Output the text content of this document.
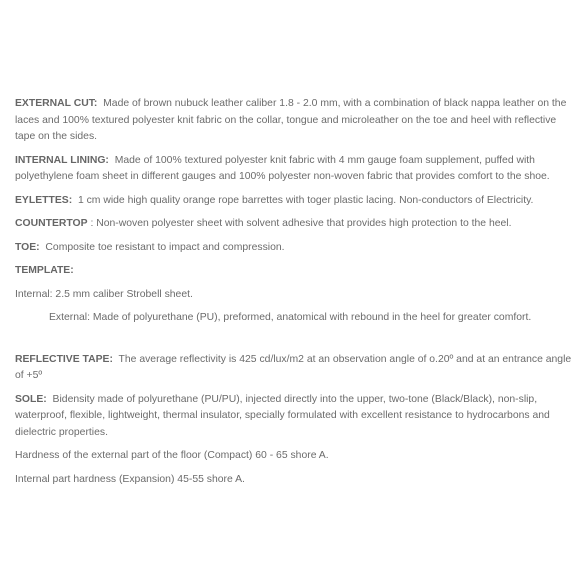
EXTERNAL CUT: Made of brown nubuck leather caliber 1.8 - 2.0 mm, with a combination of black nappa leather on the laces and 100% textured polyester knit fabric on the collar, tongue and microleather on the toe and heel with reflective tape on the sides.

INTERNAL LINING: Made of 100% textured polyester knit fabric with 4 mm gauge foam supplement, puffed with polyethylene foam sheet in different gauges and 100% polyester non-woven fabric that provides comfort to the shoe.

EYLETTES: 1 cm wide high quality orange rope barrettes with toger plastic lacing. Non-conductors of Electricity.

COUNTERTOP : Non-woven polyester sheet with solvent adhesive that provides high protection to the heel.

TOE: Composite toe resistant to impact and compression.

TEMPLATE:

Internal: 2.5 mm caliber Strobell sheet.

External: Made of polyurethane (PU), preformed, anatomical with rebound in the heel for greater comfort.

REFLECTIVE TAPE: The average reflectivity is 425 cd/lux/m2 at an observation angle of o.20º and at an entrance angle of +5º

SOLE: Bidensity made of polyurethane (PU/PU), injected directly into the upper, two-tone (Black/Black), non-slip, waterproof, flexible, lightweight, thermal insulator, specially formulated with excellent resistance to hydrocarbons and dielectric properties.

Hardness of the external part of the floor (Compact) 60 - 65 shore A.

Internal part hardness (Expansion) 45-55 shore A.
